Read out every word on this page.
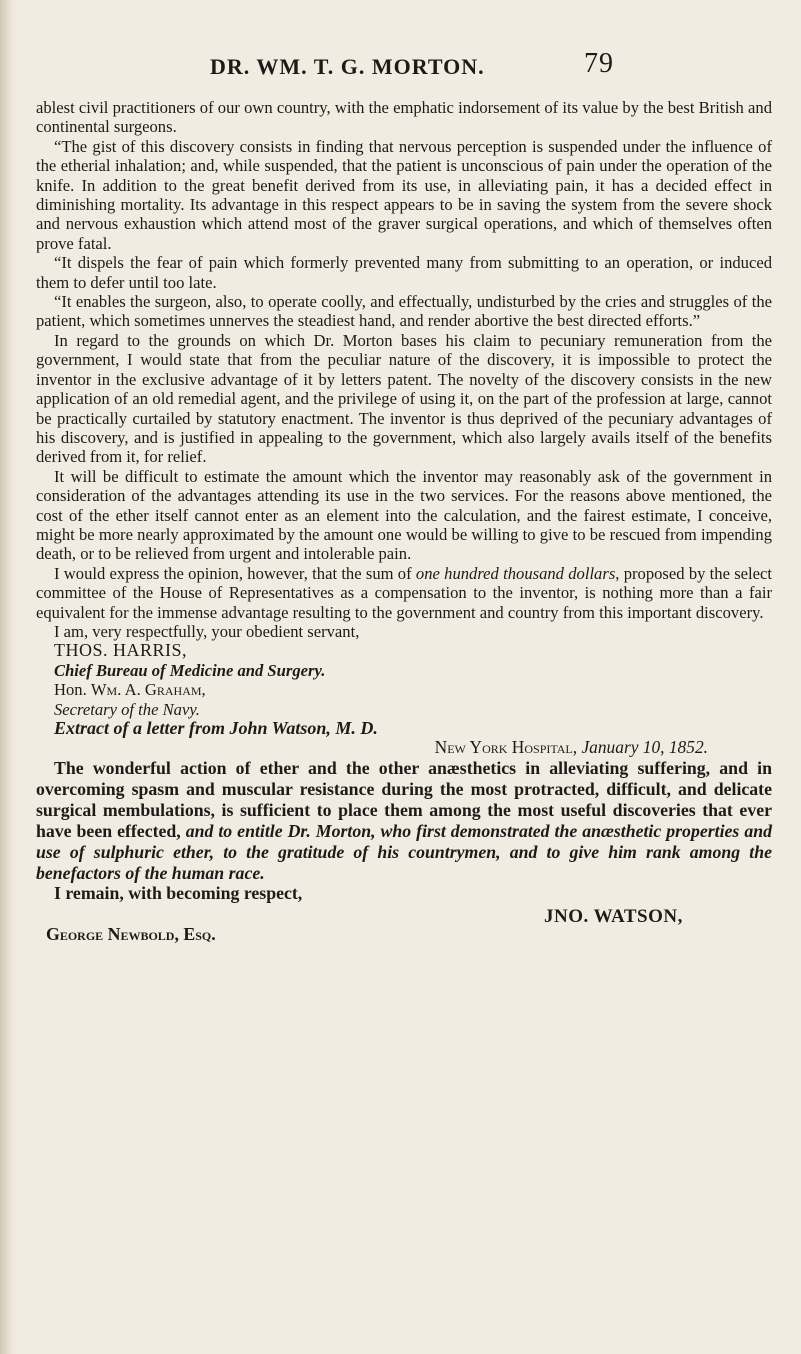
DR. WM. T. G. MORTON.	79

ablest civil practitioners of our own country, with the emphatic indorsement of its value by the best British and continental surgeons.

“The gist of this discovery consists in finding that nervous perception is suspended under the influence of the etherial inhalation; and, while suspended, that the patient is unconscious of pain under the operation of the knife. In addition to the great benefit derived from its use, in alleviating pain, it has a decided effect in diminishing mortality. Its advantage in this respect appears to be in saving the system from the severe shock and nervous exhaustion which attend most of the graver surgical operations, and which of themselves often prove fatal.

“It dispels the fear of pain which formerly prevented many from submitting to an operation, or induced them to defer until too late.

“It enables the surgeon, also, to operate coolly, and effectually, undisturbed by the cries and struggles of the patient, which sometimes unnerves the steadiest hand, and render abortive the best directed efforts.”

In regard to the grounds on which Dr. Morton bases his claim to pecuniary remuneration from the government, I would state that from the peculiar nature of the discovery, it is impossible to protect the inventor in the exclusive advantage of it by letters patent. The novelty of the discovery consists in the new application of an old remedial agent, and the privilege of using it, on the part of the profession at large, cannot be practically curtailed by statutory enactment. The inventor is thus deprived of the pecuniary advantages of his discovery, and is justified in appealing to the government, which also largely avails itself of the benefits derived from it, for relief.

It will be difficult to estimate the amount which the inventor may reasonably ask of the government in consideration of the advantages attending its use in the two services. For the reasons above mentioned, the cost of the ether itself cannot enter as an element into the calculation, and the fairest estimate, I conceive, might be more nearly approximated by the amount one would be willing to give to be rescued from impending death, or to be relieved from urgent and intolerable pain.

I would express the opinion, however, that the sum of one hundred thousand dollars, proposed by the select committee of the House of Representatives as a compensation to the inventor, is nothing more than a fair equivalent for the immense advantage resulting to the government and country from this important discovery.

I am, very respectfully, your obedient servant,

THOS. HARRIS,

Chief Bureau of Medicine and Surgery.

Hon. Wm. A. Graham,

Secretary of the Navy.

Extract of a letter from John Watson, M. D.

New York Hospital, January 10, 1852.

The wonderful action of ether and the other anæsthetics in alleviating suffering, and in overcoming spasm and muscular resistance during the most protracted, difficult, and delicate surgical membulations, is sufficient to place them among the most useful discoveries that ever have been effected, and to entitle Dr. Morton, who first demonstrated the anæsthetic properties and use of sulphuric ether, to the gratitude of his countrymen, and to give him rank among the benefactors of the human race.

I remain, with becoming respect,

JNO. WATSON,
George Newbold, Esq.
